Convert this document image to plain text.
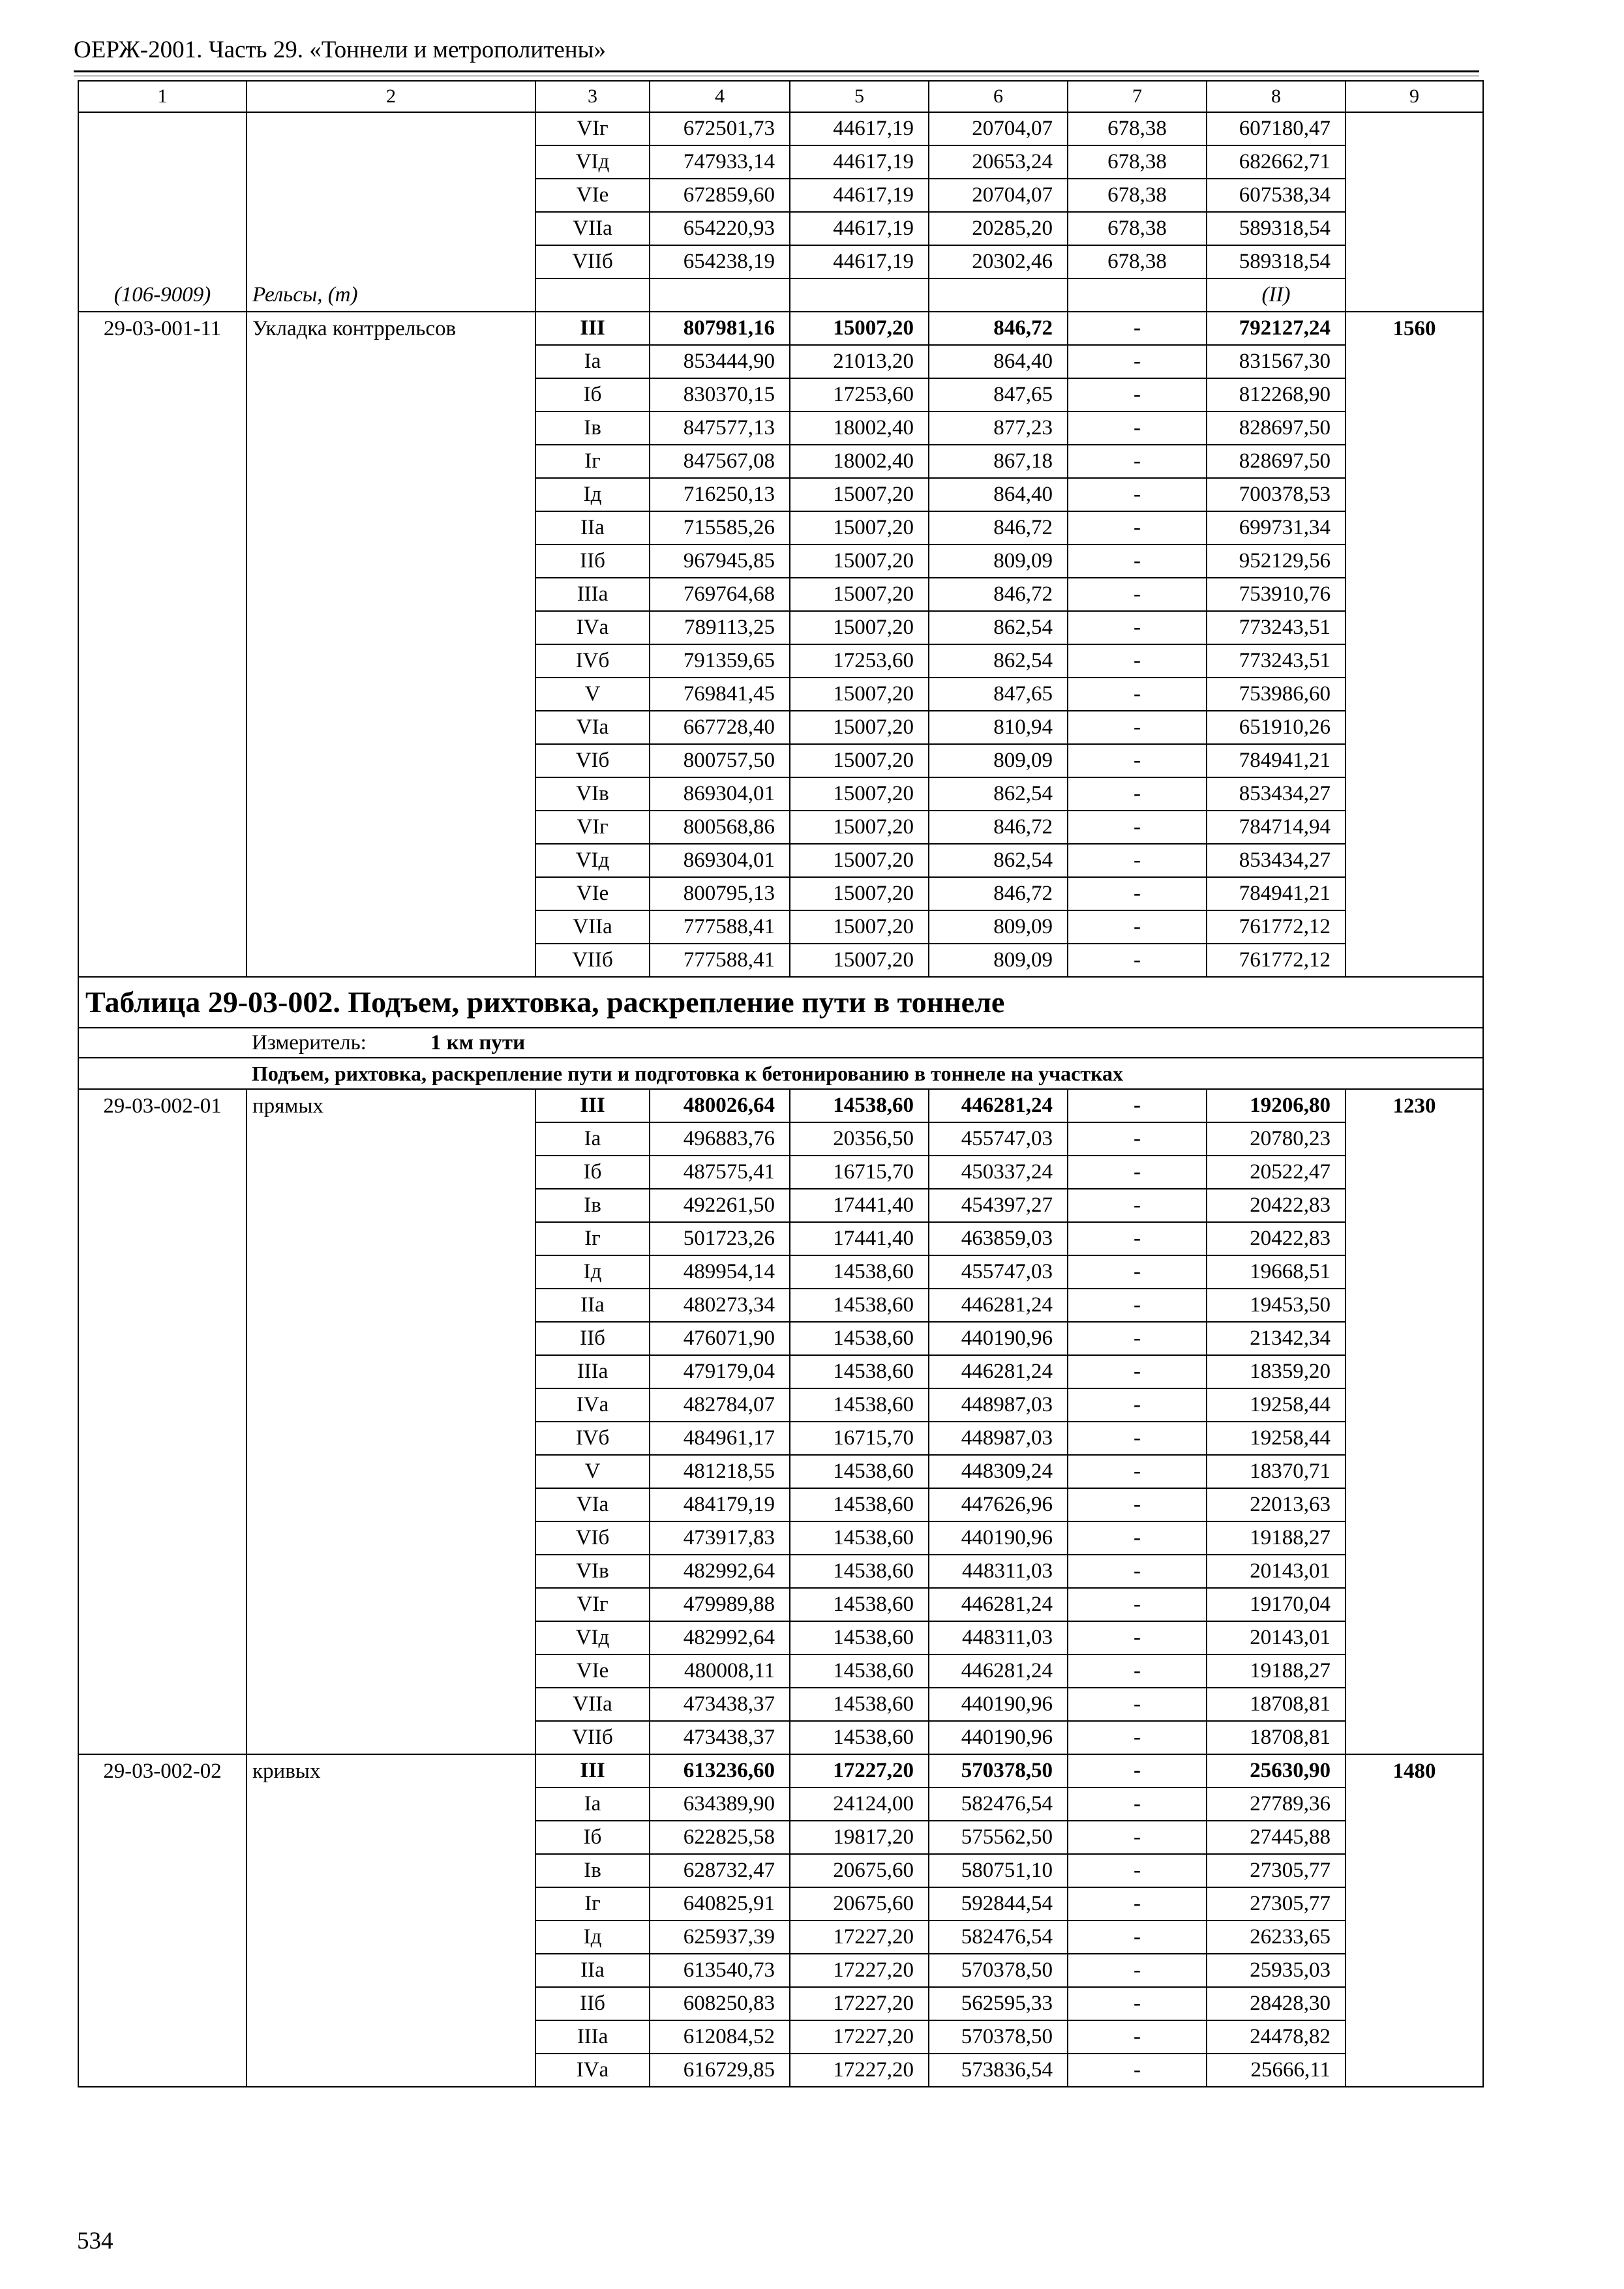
ОЕРЖ-2001. Часть 29. «Тоннели и метрополитены»
1	2	3	4	5	6	7	8	9
		VIг	672501,73	44617,19	20704,07	678,38	607180,47	
		VIд	747933,14	44617,19	20653,24	678,38	682662,71	
		VIе	672859,60	44617,19	20704,07	678,38	607538,34	
		VIIа	654220,93	44617,19	20285,20	678,38	589318,54	
		VIIб	654238,19	44617,19	20302,46	678,38	589318,54	
(106-9009)	Рельсы, (т)						(II)	
29-03-001-11	Укладка контррельсов	III	807981,16	15007,20	846,72	-	792127,24	1560
		Iа	853444,90	21013,20	864,40	-	831567,30	
		Iб	830370,15	17253,60	847,65	-	812268,90	
		Iв	847577,13	18002,40	877,23	-	828697,50	
		Iг	847567,08	18002,40	867,18	-	828697,50	
		Iд	716250,13	15007,20	864,40	-	700378,53	
		IIа	715585,26	15007,20	846,72	-	699731,34	
		IIб	967945,85	15007,20	809,09	-	952129,56	
		IIIа	769764,68	15007,20	846,72	-	753910,76	
		IVа	789113,25	15007,20	862,54	-	773243,51	
		IVб	791359,65	17253,60	862,54	-	773243,51	
		V	769841,45	15007,20	847,65	-	753986,60	
		VIа	667728,40	15007,20	810,94	-	651910,26	
		VIб	800757,50	15007,20	809,09	-	784941,21	
		VIв	869304,01	15007,20	862,54	-	853434,27	
		VIг	800568,86	15007,20	846,72	-	784714,94	
		VIд	869304,01	15007,20	862,54	-	853434,27	
		VIе	800795,13	15007,20	846,72	-	784941,21	
		VIIа	777588,41	15007,20	809,09	-	761772,12	
		VIIб	777588,41	15007,20	809,09	-	761772,12	
Таблица 29-03-002. Подъем, рихтовка, раскрепление пути в тоннеле								
Измеритель: 1 км пути								
Подъем, рихтовка, раскрепление пути и подготовка к бетонированию в тоннеле на участках								
29-03-002-01	прямых	III	480026,64	14538,60	446281,24	-	19206,80	1230
		Iа	496883,76	20356,50	455747,03	-	20780,23	
		Iб	487575,41	16715,70	450337,24	-	20522,47	
		Iв	492261,50	17441,40	454397,27	-	20422,83	
		Iг	501723,26	17441,40	463859,03	-	20422,83	
		Iд	489954,14	14538,60	455747,03	-	19668,51	
		IIа	480273,34	14538,60	446281,24	-	19453,50	
		IIб	476071,90	14538,60	440190,96	-	21342,34	
		IIIа	479179,04	14538,60	446281,24	-	18359,20	
		IVа	482784,07	14538,60	448987,03	-	19258,44	
		IVб	484961,17	16715,70	448987,03	-	19258,44	
		V	481218,55	14538,60	448309,24	-	18370,71	
		VIа	484179,19	14538,60	447626,96	-	22013,63	
		VIб	473917,83	14538,60	440190,96	-	19188,27	
		VIв	482992,64	14538,60	448311,03	-	20143,01	
		VIг	479989,88	14538,60	446281,24	-	19170,04	
		VIд	482992,64	14538,60	448311,03	-	20143,01	
		VIе	480008,11	14538,60	446281,24	-	19188,27	
		VIIа	473438,37	14538,60	440190,96	-	18708,81	
		VIIб	473438,37	14538,60	440190,96	-	18708,81	
29-03-002-02	кривых	III	613236,60	17227,20	570378,50	-	25630,90	1480
		Iа	634389,90	24124,00	582476,54	-	27789,36	
		Iб	622825,58	19817,20	575562,50	-	27445,88	
		Iв	628732,47	20675,60	580751,10	-	27305,77	
		Iг	640825,91	20675,60	592844,54	-	27305,77	
		Iд	625937,39	17227,20	582476,54	-	26233,65	
		IIа	613540,73	17227,20	570378,50	-	25935,03	
		IIб	608250,83	17227,20	562595,33	-	28428,30	
		IIIа	612084,52	17227,20	570378,50	-	24478,82	
		IVа	616729,85	17227,20	573836,54	-	25666,11	
534
